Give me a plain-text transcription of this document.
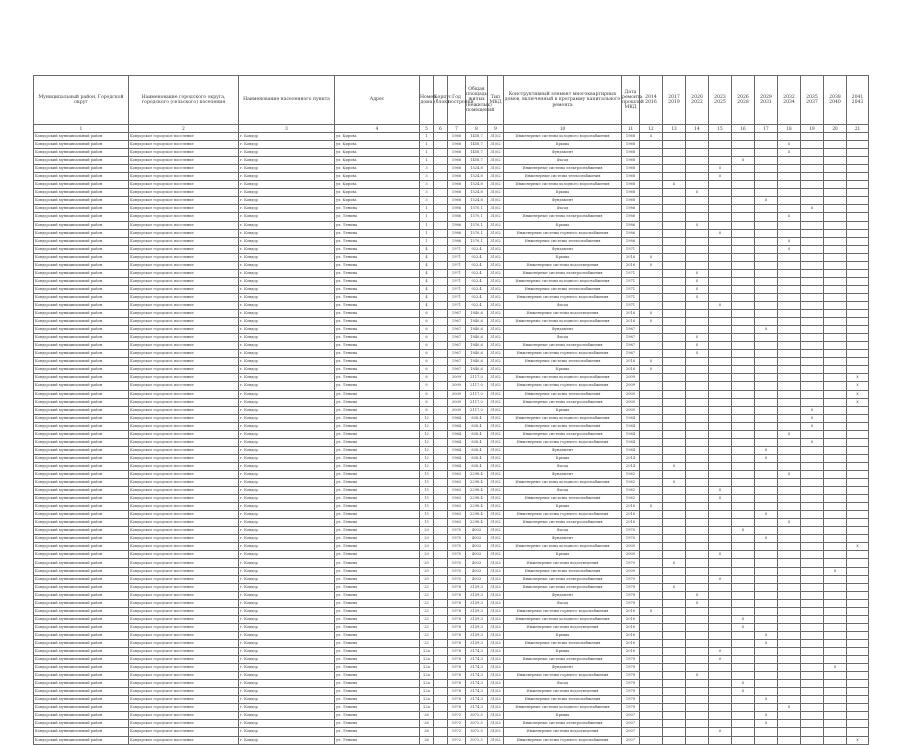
Муниципальный район, Городской округ	Наименование городского округа, городского (сельского) поселения	Наименование населенного пункта	Адрес	Номер дома	Корпус (блок)	Год постройки	Общая площадь жилых (нежилых) помещений	Тип МКД	Конструктивный элемент многоквартирных домов, включенный в программу капитального ремонта	Дата ремонта прошлой МКД	2014 2016	2017 2019	2020 2022	2023 2025	2026 2028	2029 2031	2032 2034	2035 2037	2038 2040	2041 2043
1	2	3	4	5	6	7	8	9	10	11	12	13	14	15	16	17	18	19	20	21
Ковдорский муниципальный район	Ковдорское городское поселение	г. Ковдор	ул. Кирова	1		1968	1458,7	31/02	Инженерные системы холодного водоснабжения	1968	X									
Ковдорский муниципальный район	Ковдорское городское поселение	г. Ковдор	ул. Кирова	1		1968	1458,7	31/02	Крыша	1968							X			
Ковдорский муниципальный район	Ковдорское городское поселение	г. Ковдор	ул. Кирова	1		1968	1458,7	31/02	Фундамент	1968							X			
Ковдорский муниципальный район	Ковдорское городское поселение	г. Ковдор	ул. Кирова	1		1968	1458,7	31/02	Фасад	1968					X					
Ковдорский муниципальный район	Ковдорское городское поселение	г. Ковдор	ул. Кирова	3		1968	1524,8	31/02	Инженерные системы электроснабжения	1968				X						
Ковдорский муниципальный район	Ковдорское городское поселение	г. Ковдор	ул. Кирова	3		1968	1524,8	31/02	Инженерные системы теплоснабжения	1968				X						
Ковдорский муниципальный район	Ковдорское городское поселение	г. Ковдор	ул. Кирова	3		1968	1524,8	31/02	Инженерные системы холодного водоснабжения	1968		X								
Ковдорский муниципальный район	Ковдорское городское поселение	г. Ковдор	ул. Кирова	3		1968	1524,8	31/02	Крыша	1968			X							
Ковдорский муниципальный район	Ковдорское городское поселение	г. Ковдор	ул. Кирова	3		1968	1524,8	31/02	Фундамент	1968						X				
Ковдорский муниципальный район	Ковдорское городское поселение	г. Ковдор	ул. Ленина	1		1986	1570,1	31/02	Фасад	1986								X		
Ковдорский муниципальный район	Ковдорское городское поселение	г. Ковдор	ул. Ленина	1		1986	1570,1	31/02	Инженерные системы электроснабжения	1986							X			
Ковдорский муниципальный район	Ковдорское городское поселение	г. Ковдор	ул. Ленина	1		1986	1570,1	31/02	Крыша	1986			X							
Ковдорский муниципальный район	Ковдорское городское поселение	г. Ковдор	ул. Ленина	1		1986	1570,1	31/02	Инженерные системы горячего водоснабжения	1986				X						
Ковдорский муниципальный район	Ковдорское городское поселение	г. Ковдор	ул. Ленина	1		1986	1570,1	31/02	Инженерные системы теплоснабжения	1986							X			
Ковдорский муниципальный район	Ковдорское городское поселение	г. Ковдор	ул. Ленина	4		1971	922,4	31/02	Фундамент	1971							X			
Ковдорский муниципальный район	Ковдорское городское поселение	г. Ковдор	ул. Ленина	4		1971	922,4	31/02	Крыша	2016	X									
Ковдорский муниципальный район	Ковдорское городское поселение	г. Ковдор	ул. Ленина	4		1971	922,4	31/02	Инженерные системы водоотведения	2016	X									
Ковдорский муниципальный район	Ковдорское городское поселение	г. Ковдор	ул. Ленина	4		1971	922,4	31/02	Инженерные системы электроснабжения	1971			X							
Ковдорский муниципальный район	Ковдорское городское поселение	г. Ковдор	ул. Ленина	4		1971	922,4	31/02	Инженерные системы холодного водоснабжения	1971			X							
Ковдорский муниципальный район	Ковдорское городское поселение	г. Ковдор	ул. Ленина	4		1971	922,4	31/02	Инженерные системы теплоснабжения	1971			X							
Ковдорский муниципальный район	Ковдорское городское поселение	г. Ковдор	ул. Ленина	4		1971	922,4	31/02	Инженерные системы горячего водоснабжения	1971			X							
Ковдорский муниципальный район	Ковдорское городское поселение	г. Ковдор	ул. Ленина	4		1971	922,4	31/02	Фасад	1971				X						
Ковдорский муниципальный район	Ковдорское городское поселение	г. Ковдор	ул. Ленина	6		1967	1840,6	31/02	Инженерные системы водоотведения	2016	X									
Ковдорский муниципальный район	Ковдорское городское поселение	г. Ковдор	ул. Ленина	6		1967	1840,6	31/02	Инженерные системы холодного водоснабжения	2016	X									
Ковдорский муниципальный район	Ковдорское городское поселение	г. Ковдор	ул. Ленина	6		1967	1840,6	31/02	Фундамент	1967						X				
Ковдорский муниципальный район	Ковдорское городское поселение	г. Ковдор	ул. Ленина	6		1967	1840,6	31/02	Фасад	1967			X							
Ковдорский муниципальный район	Ковдорское городское поселение	г. Ковдор	ул. Ленина	6		1967	1840,6	31/02	Инженерные системы электроснабжения	1967			X							
Ковдорский муниципальный район	Ковдорское городское поселение	г. Ковдор	ул. Ленина	6		1967	1840,6	31/02	Инженерные системы горячего водоснабжения	1967			X							
Ковдорский муниципальный район	Ковдорское городское поселение	г. Ковдор	ул. Ленина	6		1967	1840,6	31/02	Инженерные системы теплоснабжения	2016	X									
Ковдорский муниципальный район	Ковдорское городское поселение	г. Ковдор	ул. Ленина	6		1967	1840,6	31/02	Крыша	2016	X									
Ковдорский муниципальный район	Ковдорское городское поселение	г. Ковдор	ул. Ленина	8		2009	2117,0	31/02	Инженерные системы холодного водоснабжения	2009										X
Ковдорский муниципальный район	Ковдорское городское поселение	г. Ковдор	ул. Ленина	8		2009	2117,0	31/02	Инженерные системы горячего водоснабжения	2009										X
Ковдорский муниципальный район	Ковдорское городское поселение	г. Ковдор	ул. Ленина	8		2009	2117,0	31/02	Инженерные системы теплоснабжения	2009										X
Ковдорский муниципальный район	Ковдорское городское поселение	г. Ковдор	ул. Ленина	8		2009	2117,0	31/02	Инженерные системы электроснабжения	2009										X
Ковдорский муниципальный район	Ковдорское городское поселение	г. Ковдор	ул. Ленина	8		2009	2117,0	31/02	Крыша	2009								X		
Ковдорский муниципальный район	Ковдорское городское поселение	г. Ковдор	ул. Ленина	12		1964	838,4	31/02	Инженерные системы холодного водоснабжения	1964								X		
Ковдорский муниципальный район	Ковдорское городское поселение	г. Ковдор	ул. Ленина	12		1964	838,4	31/02	Инженерные системы теплоснабжения	1964								X		
Ковдорский муниципальный район	Ковдорское городское поселение	г. Ковдор	ул. Ленина	12		1964	838,4	31/02	Инженерные системы электроснабжения	1964							X			
Ковдорский муниципальный район	Ковдорское городское поселение	г. Ковдор	ул. Ленина	12		1964	838,4	31/02	Инженерные системы горячего водоснабжения	1964								X		
Ковдорский муниципальный район	Ковдорское городское поселение	г. Ковдор	ул. Ленина	12		1964	838,4	31/02	Фундамент	1964						X				
Ковдорский муниципальный район	Ковдорское городское поселение	г. Ковдор	ул. Ленина	12		1964	838,4	31/02	Крыша	2014						X				
Ковдорский муниципальный район	Ковдорское городское поселение	г. Ковдор	ул. Ленина	12		1964	838,4	31/02	Фасад	2014		X								
Ковдорский муниципальный район	Ковдорское городское поселение	г. Ковдор	ул. Ленина	15		1963	2298,4	31/02	Фундамент	1963							X			
Ковдорский муниципальный район	Ковдорское городское поселение	г. Ковдор	ул. Ленина	15		1963	2298,4	31/02	Инженерные системы холодного водоснабжения	1963		X								
Ковдорский муниципальный район	Ковдорское городское поселение	г. Ковдор	ул. Ленина	15		1963	2298,4	31/02	Фасад	1963				X						
Ковдорский муниципальный район	Ковдорское городское поселение	г. Ковдор	ул. Ленина	15		1963	2298,4	31/02	Инженерные системы теплоснабжения	1963				X						
Ковдорский муниципальный район	Ковдорское городское поселение	г. Ковдор	ул. Ленина	15		1963	2298,4	31/02	Крыша	2016	X									
Ковдорский муниципальный район	Ковдорское городское поселение	г. Ковдор	ул. Ленина	15		1963	2298,4	31/02	Инженерные системы горячего водоснабжения	2016						X				
Ковдорский муниципальный район	Ковдорское городское поселение	г. Ковдор	ул. Ленина	15		1963	2298,4	31/02	Инженерные системы электроснабжения	2016							X			
Ковдорский муниципальный район	Ковдорское городское поселение	г. Ковдор	ул. Ленина	20		1970	4003	31/02	Фасад	1970					X					
Ковдорский муниципальный район	Ковдорское городское поселение	г. Ковдор	ул. Ленина	20		1970	4003	31/02	Фундамент	1970						X				
Ковдорский муниципальный район	Ковдорское городское поселение	г. Ковдор	ул. Ленина	20		1970	4003	31/02	Инженерные системы холодного водоснабжения	2009										X
Ковдорский муниципальный район	Ковдорское городское поселение	г. Ковдор	ул. Ленина	20		1970	4003	31/02	Крыша	2009				X						
Ковдорский муниципальный район	Ковдорское городское поселение	г. Ковдор	ул. Ленина	20		1970	4003	31/02	Инженерные системы водоотведения	1970		X								
Ковдорский муниципальный район	Ковдорское городское поселение	г. Ковдор	ул. Ленина	20		1970	4003	31/02	Инженерные системы теплоснабжения	2009									X	
Ковдорский муниципальный район	Ковдорское городское поселение	г. Ковдор	ул. Ленина	20		1970	4003	31/02	Инженерные системы электроснабжения	1970				X						
Ковдорский муниципальный район	Ковдорское городское поселение	г. Ковдор	ул. Ленина	22		1978	3159,3	31/02	Инженерные системы электроснабжения	1978		X								
Ковдорский муниципальный район	Ковдорское городское поселение	г. Ковдор	ул. Ленина	22		1978	3159,3	31/02	Фундамент	1978			X							
Ковдорский муниципальный район	Ковдорское городское поселение	г. Ковдор	ул. Ленина	22		1978	3159,3	31/02	Фасад	1978			X							
Ковдорский муниципальный район	Ковдорское городское поселение	г. Ковдор	ул. Ленина	22		1978	3159,3	31/02	Инженерные системы горячего водоснабжения	2016	X									
Ковдорский муниципальный район	Ковдорское городское поселение	г. Ковдор	ул. Ленина	22		1978	3159,3	31/02	Инженерные системы холодного водоснабжения	2016					X					
Ковдорский муниципальный район	Ковдорское городское поселение	г. Ковдор	ул. Ленина	22		1978	3159,3	31/02	Инженерные системы водоотведения	2016					X					
Ковдорский муниципальный район	Ковдорское городское поселение	г. Ковдор	ул. Ленина	22		1978	3159,3	31/02	Крыша	2016						X				
Ковдорский муниципальный район	Ковдорское городское поселение	г. Ковдор	ул. Ленина	22		1978	3159,3	31/02	Инженерные системы теплоснабжения	2016						X				
Ковдорский муниципальный район	Ковдорское городское поселение	г. Ковдор	ул. Ленина	22а		1978	3174,3	31/02	Крыша	2016				X						
Ковдорский муниципальный район	Ковдорское городское поселение	г. Ковдор	ул. Ленина	22а		1978	3174,3	31/02	Инженерные системы электроснабжения	1978				X						
Ковдорский муниципальный район	Ковдорское городское поселение	г. Ковдор	ул. Ленина	22а		1978	3174,3	31/02	Фундамент	1978									X	
Ковдорский муниципальный район	Ковдорское городское поселение	г. Ковдор	ул. Ленина	22а		1978	3174,3	31/02	Инженерные системы горячего водоснабжения	1978			X							
Ковдорский муниципальный район	Ковдорское городское поселение	г. Ковдор	ул. Ленина	22а		1978	3174,3	31/02	Фасад	1978					X					
Ковдорский муниципальный район	Ковдорское городское поселение	г. Ковдор	ул. Ленина	22а		1978	3174,3	31/02	Инженерные системы водоотведения	1978					X					
Ковдорский муниципальный район	Ковдорское городское поселение	г. Ковдор	ул. Ленина	22а		1978	3174,3	31/02	Инженерные системы теплоснабжения	1978						X				
Ковдорский муниципальный район	Ковдорское городское поселение	г. Ковдор	ул. Ленина	22а		1978	3174,3	31/02	Инженерные системы холодного водоснабжения	1978							X			
Ковдорский муниципальный район	Ковдорское городское поселение	г. Ковдор	ул. Ленина	26		1972	3072,5	31/02	Крыша	2007						X				
Ковдорский муниципальный район	Ковдорское городское поселение	г. Ковдор	ул. Ленина	26		1972	3072,5	31/02	Инженерные системы электроснабжения	2007						X				
Ковдорский муниципальный район	Ковдорское городское поселение	г. Ковдор	ул. Ленина	26		1972	3072,5	31/02	Инженерные системы водоотведения	2007				X						
Ковдорский муниципальный район	Ковдорское городское поселение	г. Ковдор	ул. Ленина	26		1972	3072,5	31/02	Инженерные системы горячего водоснабжения	2007										X
